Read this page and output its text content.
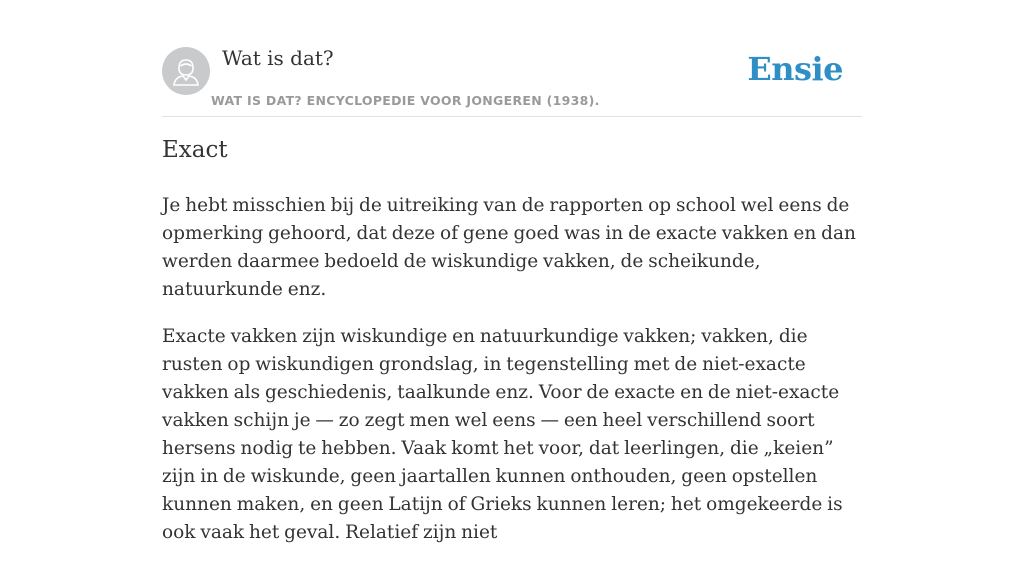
Wat is dat?
WAT IS DAT? ENCYCLOPEDIE VOOR JONGEREN (1938).
Ensie
Exact

Je hebt misschien bij de uitreiking van de rapporten op school wel eens de opmerking gehoord, dat deze of gene goed was in de exacte vakken en dan werden daarmee bedoeld de wiskundige vakken, de scheikunde, natuurkunde enz.

Exacte vakken zijn wiskundige en natuurkundige vakken; vakken, die rusten op wiskundigen grondslag, in tegenstelling met de niet-exacte vakken als geschiedenis, taalkunde enz. Voor de exacte en de niet-exacte vakken schijn je — zo zegt men wel eens — een heel verschillend soort hersens nodig te hebben. Vaak komt het voor, dat leerlingen, die „keien” zijn in de wiskunde, geen jaartallen kunnen onthouden, geen opstellen kunnen maken, en geen Latijn of Grieks kunnen leren; het omgekeerde is ook vaak het geval. Relatief zijn niet
